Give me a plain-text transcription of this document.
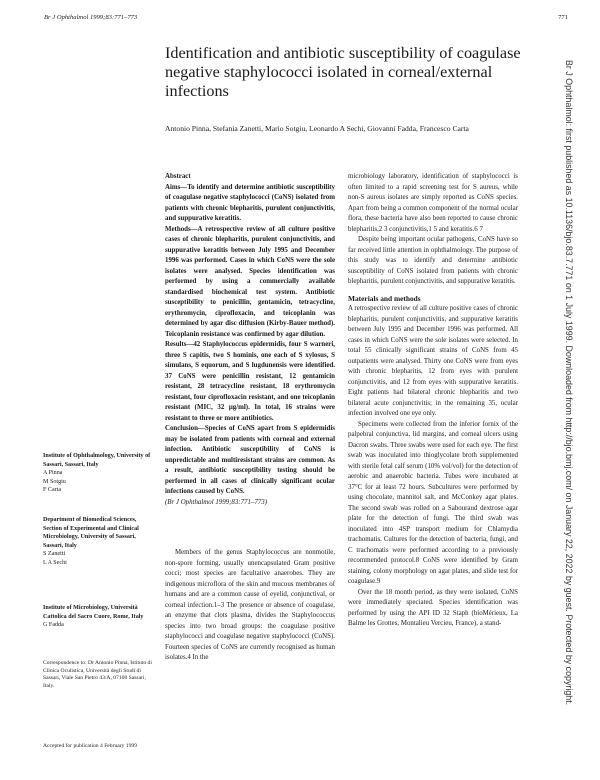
Br J Ophthalmol 1999;83:771–773	771
Identification and antibiotic susceptibility of coagulase negative staphylococci isolated in corneal/external infections
Antonio Pinna, Stefania Zanetti, Mario Sotgiu, Leonardo A Sechi, Giovanni Fadda, Francesco Carta

Abstract

Aims—To identify and determine antibiotic susceptibility of coagulase negative staphylococci (CoNS) isolated from patients with chronic blepharitis, purulent conjunctivitis, and suppurative keratitis.

Methods—A retrospective review of all culture positive cases of chronic blepharitis, purulent conjunctivitis, and suppurative keratitis between July 1995 and December 1996 was performed. Cases in which CoNS were the sole isolates were analysed. Species identification was performed by using a commercially available standardised biochemical test system. Antibiotic susceptibility to penicillin, gentamicin, tetracycline, erythromycin, ciprofloxacin, and teicoplanin was determined by agar disc diffusion (Kirby-Bauer method). Teicoplanin resistance was confirmed by agar dilution.

Results—42 Staphylococcus epidermidis, four S warneri, three S capitis, two S hominis, one each of S xylosus, S simulans, S equorum, and S lugdunensis were identified. 37 CoNS were penicillin resistant, 12 gentamicin resistant, 28 tetracycline resistant, 18 erythromycin resistant, four ciprofloxacin resistant, and one teicoplanin resistant (MIC, 32 μg/ml). In total, 16 strains were resistant to three or more antibiotics.

Conclusion—Species of CoNS apart from S epidermidis may be isolated from patients with corneal and external infection. Antibiotic susceptibility of CoNS is unpredictable and multiresistant strains are common. As a result, antibiotic susceptibility testing should be performed in all cases of clinically significant ocular infections caused by CoNS.

(Br J Ophthalmol 1999;83:771–773)

Members of the genus Staphylococcus are nonmotile, non-spore forming, usually unencapsulated Gram positive cocci; most species are facultative anaerobes. They are indigenous microflora of the skin and mucous membranes of humans and are a common cause of eyelid, conjunctival, or corneal infection.1–3 The presence or absence of coagulase, an enzyme that clots plasma, divides the Staphylococcus species into two broad groups: the coagulase positive staphylococci and coagulase negative staphylococci (CoNS). Fourteen species of CoNS are currently recognised as human isolates.4 In the

microbiology laboratory, identification of staphylococci is often limited to a rapid screening test for S aureus, while non-S aureus isolates are simply reported as CoNS species. Apart from being a common component of the normal ocular flora, these bacteria have also been reported to cause chronic blepharitis,2 3 conjunctivitis,1 5 and keratitis.6 7

Despite being important ocular pathogens, CoNS have so far received little attention in ophthalmology. The purpose of this study was to identify and determine antibiotic susceptibility of CoNS isolated from patients with chronic blepharitis, purulent conjunctivitis, and suppurative keratitis.

Materials and methods

A retrospective review of all culture positive cases of chronic blepharitis, purulent conjunctivitis, and suppurative keratitis between July 1995 and December 1996 was performed. All cases in which CoNS were the sole isolates were selected. In total 55 clinically significant strains of CoNS from 45 outpatients were analysed. Thirty one CoNS were from eyes with chronic blepharitis, 12 from eyes with purulent conjunctivitis, and 12 from eyes with suppurative keratitis. Eight patients had bilateral chronic blepharitis and two bilateral acute conjunctivitis; in the remaining 35, ocular infection involved one eye only.

Specimens were collected from the inferior fornix of the palpebral conjunctiva, lid margins, and corneal ulcers using Dacron swabs. Three swabs were used for each eye. The first swab was inoculated into thioglycolate broth supplemented with sterile fetal calf serum (10% vol/vol) for the detection of aerobic and anaerobic bacteria. Tubes were incubated at 37°C for at least 72 hours. Subcultures were performed by using chocolate, mannitol salt, and McConkey agar plates. The second swab was rolled on a Sabouraud dextrose agar plate for the detection of fungi. The third swab was inoculated into 4SP transport medium for Chlamydia trachomatis. Cultures for the detection of bacteria, fungi, and C trachomatis were performed according to a previously recommended protocol.8 CoNS were identified by Gram staining, colony morphology on agar plates, and slide test for coagulase.9

Over the 18 month period, as they were isolated, CoNS were immediately speciated. Species identification was performed by using the API ID 32 Staph (bioMérieux, La Balme les Grottes, Montalieu Vercieu, France), a stand-

Institute of Ophthalmology, University of Sassari, Sassari, Italy
A Pinna
M Sotgiu
F Carta
Department of Biomedical Sciences, Section of Experimental and Clinical Microbiology, University of Sassari, Sassari, Italy
S Zanetti
L A Sechi
Institute of Microbiology, Università Cattolica del Sacro Cuore, Rome, Italy
G Fadda
Correspondence to: Dr Antonio Pinna, Istituto di Clinica Oculistica, Università degli Studi di Sassari, Viale San Pietro 43/A, 07100 Sassari, Italy.
Accepted for publication 4 February 1999
Br J Ophthalmol: first published as 10.1136/bjo.83.7.771 on 1 July 1999. Downloaded from http://bjo.bmj.com/ on January 22, 2022 by guest. Protected by copyright.
